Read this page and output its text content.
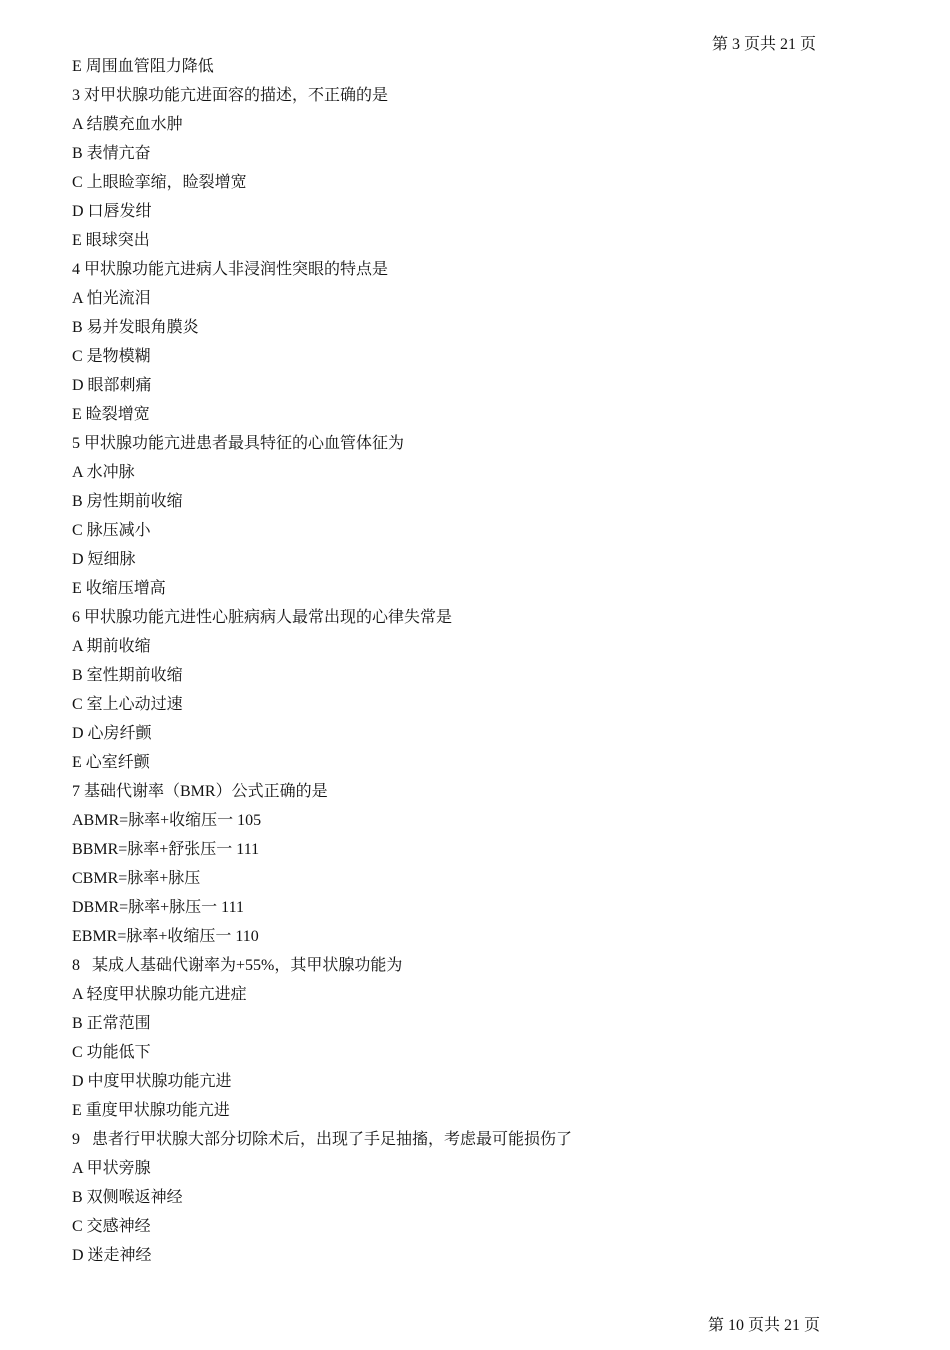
第 3 页共 21 页
E 周围血管阻力降低
3 对甲状腺功能亢进面容的描述，不正确的是
A 结膜充血水肿
B 表情亢奋
C 上眼睑挛缩，睑裂增宽
D 口唇发绀
E 眼球突出
4 甲状腺功能亢进病人非浸润性突眼的特点是
A 怕光流泪
B 易并发眼角膜炎
C 是物模糊
D 眼部刺痛
E 睑裂增宽
5 甲状腺功能亢进患者最具特征的心血管体征为
A 水冲脉
B 房性期前收缩
C 脉压减小
D 短细脉
E 收缩压增高
6 甲状腺功能亢进性心脏病病人最常出现的心律失常是
A 期前收缩
B 室性期前收缩
C 室上心动过速
D 心房纤颤
E 心室纤颤
7 基础代谢率（BMR）公式正确的是
ABMR=脉率+收缩压一 105
BBMR=脉率+舒张压一 111
CBMR=脉率+脉压
DBMR=脉率+脉压一 111
EBMR=脉率+收缩压一 110
8   某成人基础代谢率为+55%，其甲状腺功能为
A 轻度甲状腺功能亢进症
B 正常范围
C 功能低下
D 中度甲状腺功能亢进
E 重度甲状腺功能亢进
9   患者行甲状腺大部分切除术后，出现了手足抽搐，考虑最可能损伤了
A 甲状旁腺
B 双侧喉返神经
C 交感神经
D 迷走神经
第 10 页共 21 页
